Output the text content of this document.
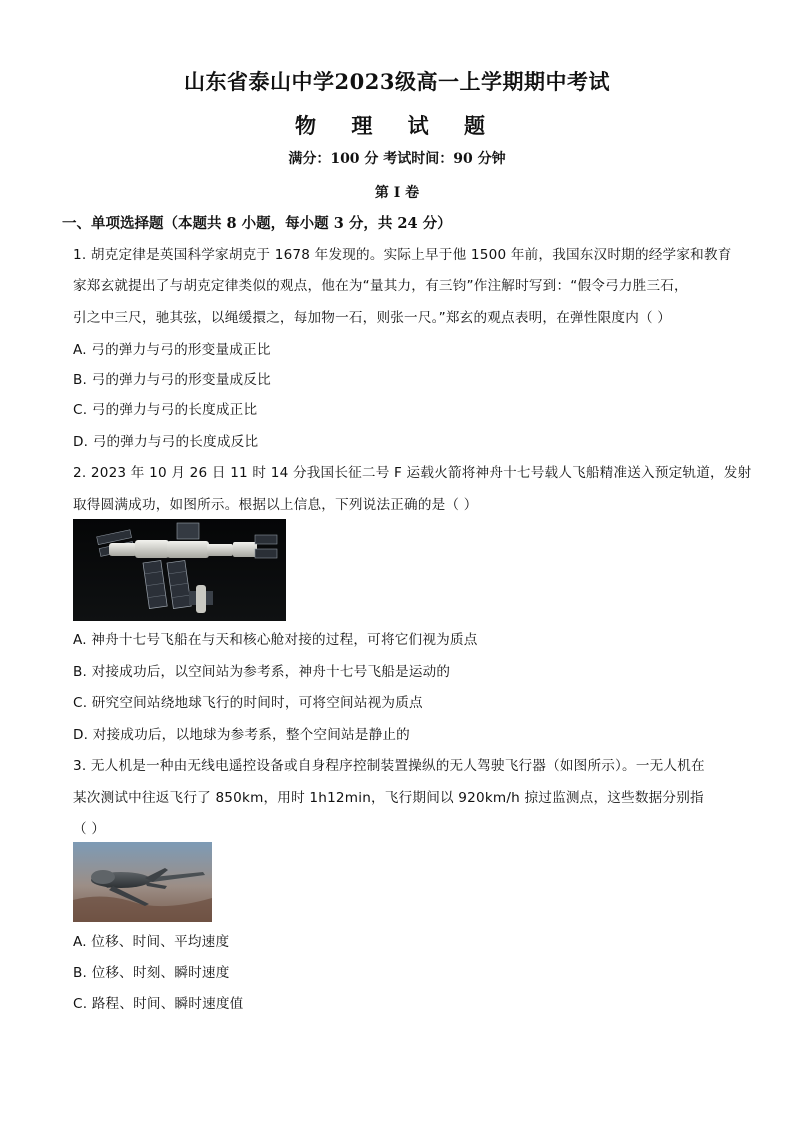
山东省泰山中学2023级高一上学期期中考试
物 理 试 题
满分：100 分 考试时间：90 分钟
第 I 卷
一、单项选择题（本题共 8 小题，每小题 3 分，共 24 分）
1. 胡克定律是英国科学家胡克于 1678 年发现的。实际上早于他 1500 年前，我国东汉时期的经学家和教育
家郑玄就提出了与胡克定律类似的观点，他在为“量其力，有三钧”作注解时写到：“假令弓力胜三石，
引之中三尺，驰其弦，以绳缓擐之，每加物一石，则张一尺。”郑玄的观点表明，在弹性限度内（ ）
A. 弓的弹力与弓的形变量成正比
B. 弓的弹力与弓的形变量成反比
C. 弓的弹力与弓的长度成正比
D. 弓的弹力与弓的长度成反比
2. 2023 年 10 月 26 日 11 时 14 分我国长征二号 F 运载火箭将神舟十七号载人飞船精准送入预定轨道，发射
取得圆满成功，如图所示。根据以上信息，下列说法正确的是（ ）
A. 神舟十七号飞船在与天和核心舱对接的过程，可将它们视为质点
B. 对接成功后，以空间站为参考系，神舟十七号飞船是运动的
C. 研究空间站绕地球飞行的时间时，可将空间站视为质点
D. 对接成功后，以地球为参考系，整个空间站是静止的
3. 无人机是一种由无线电遥控设备或自身程序控制装置操纵的无人驾驶飞行器（如图所示）。一无人机在
某次测试中往返飞行了 850km，用时 1h12min，飞行期间以 920km/h 掠过监测点，这些数据分别指
（ ）
A. 位移、时间、平均速度
B. 位移、时刻、瞬时速度
C. 路程、时间、瞬时速度值
